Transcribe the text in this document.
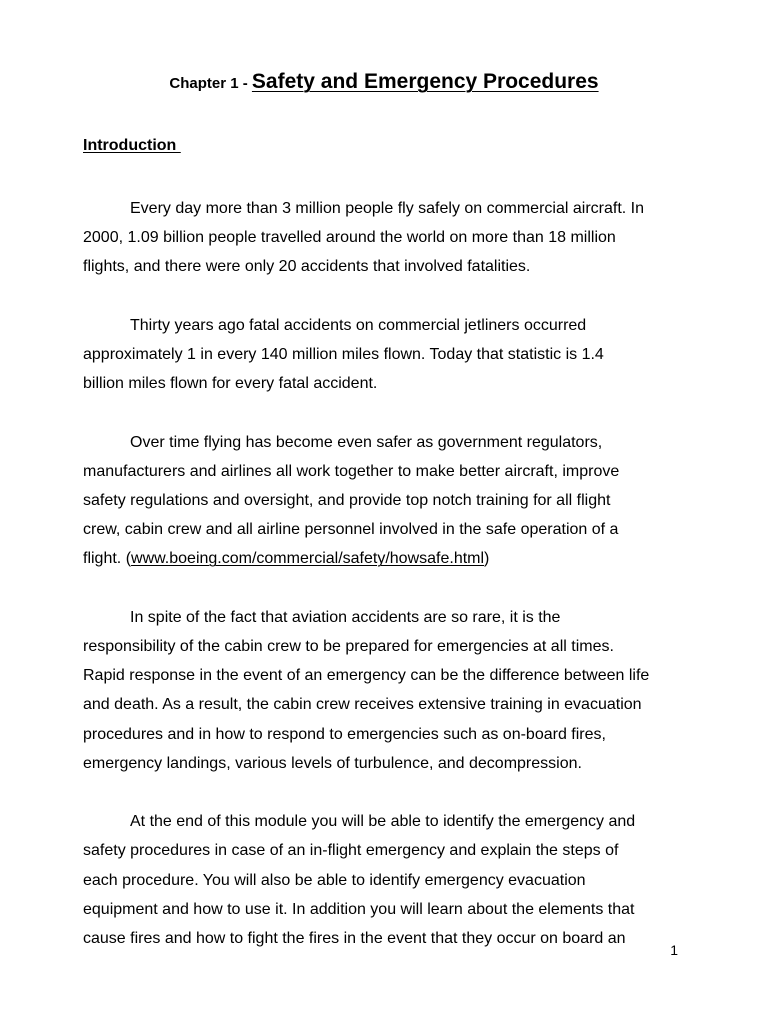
Chapter 1 - Safety and Emergency Procedures
Introduction

Every day more than 3 million people fly safely on commercial aircraft. In
2000, 1.09 billion people travelled around the world on more than 18 million
flights, and there were only 20 accidents that involved fatalities.

Thirty years ago fatal accidents on commercial jetliners occurred
approximately 1 in every 140 million miles flown. Today that statistic is 1.4
billion miles flown for every fatal accident.

Over time flying has become even safer as government regulators,
manufacturers and airlines all work together to make better aircraft, improve
safety regulations and oversight, and provide top notch training for all flight
crew, cabin crew and all airline personnel involved in the safe operation of a
flight. (www.boeing.com/commercial/safety/howsafe.html)

In spite of the fact that aviation accidents are so rare, it is the
responsibility of the cabin crew to be prepared for emergencies at all times.
Rapid response in the event of an emergency can be the difference between life
and death. As a result, the cabin crew receives extensive training in evacuation
procedures and in how to respond to emergencies such as on-board fires,
emergency landings, various levels of turbulence, and decompression.

At the end of this module you will be able to identify the emergency and
safety procedures in case of an in-flight emergency and explain the steps of
each procedure. You will also be able to identify emergency evacuation
equipment and how to use it. In addition you will learn about the elements that
cause fires and how to fight the fires in the event that they occur on board an

1
